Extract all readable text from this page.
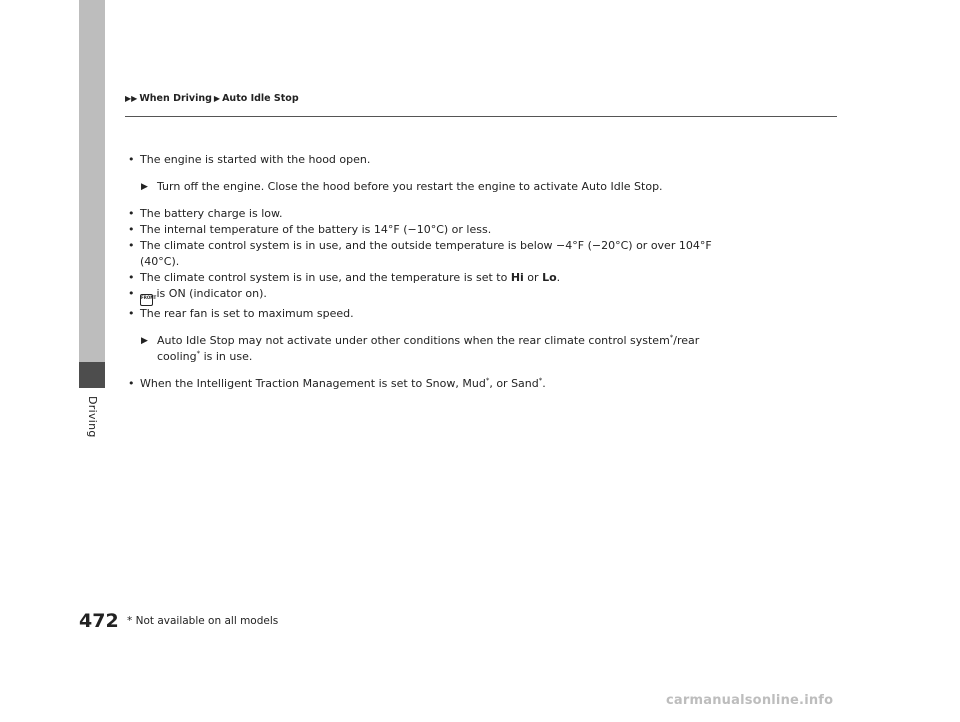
Driving
▶▶ When Driving ▶ Auto Idle Stop

• The engine is started with the hood open.

▶ Turn off the engine. Close the hood before you restart the engine to activate Auto Idle Stop.

• The battery charge is low.

• The internal temperature of the battery is 14°F (−10°C) or less.

• The climate control system is in use, and the outside temperature is below −4°F (−20°C) or over 104°F (40°C).

• The climate control system is in use, and the temperature is set to Hi or Lo.

• FRONT is ON (indicator on).

• The rear fan is set to maximum speed.

▶ Auto Idle Stop may not activate under other conditions when the rear climate control system*/rear cooling* is in use.

• When the Intelligent Traction Management is set to Snow, Mud*, or Sand*.

472 * Not available on all models
carmanualsonline.info
